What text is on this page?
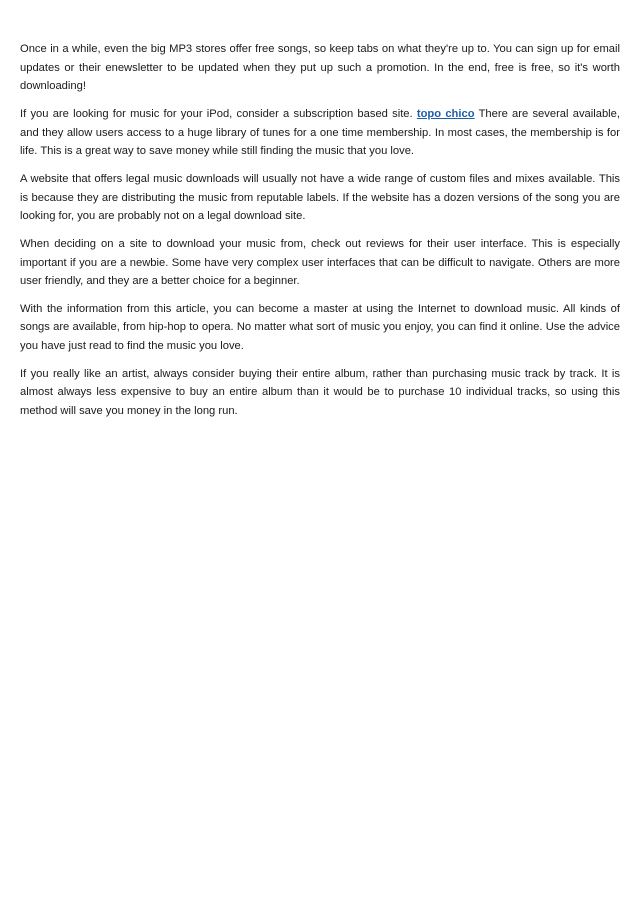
Once in a while, even the big MP3 stores offer free songs, so keep tabs on what they're up to. You can sign up for email updates or their enewsletter to be updated when they put up such a promotion. In the end, free is free, so it's worth downloading!

If you are looking for music for your iPod, consider a subscription based site. topo chico There are several available, and they allow users access to a huge library of tunes for a one time membership. In most cases, the membership is for life. This is a great way to save money while still finding the music that you love.

A website that offers legal music downloads will usually not have a wide range of custom files and mixes available. This is because they are distributing the music from reputable labels. If the website has a dozen versions of the song you are looking for, you are probably not on a legal download site.

When deciding on a site to download your music from, check out reviews for their user interface. This is especially important if you are a newbie. Some have very complex user interfaces that can be difficult to navigate. Others are more user friendly, and they are a better choice for a beginner.

With the information from this article, you can become a master at using the Internet to download music. All kinds of songs are available, from hip-hop to opera. No matter what sort of music you enjoy, you can find it online. Use the advice you have just read to find the music you love.

If you really like an artist, always consider buying their entire album, rather than purchasing music track by track. It is almost always less expensive to buy an entire album than it would be to purchase 10 individual tracks, so using this method will save you money in the long run.
